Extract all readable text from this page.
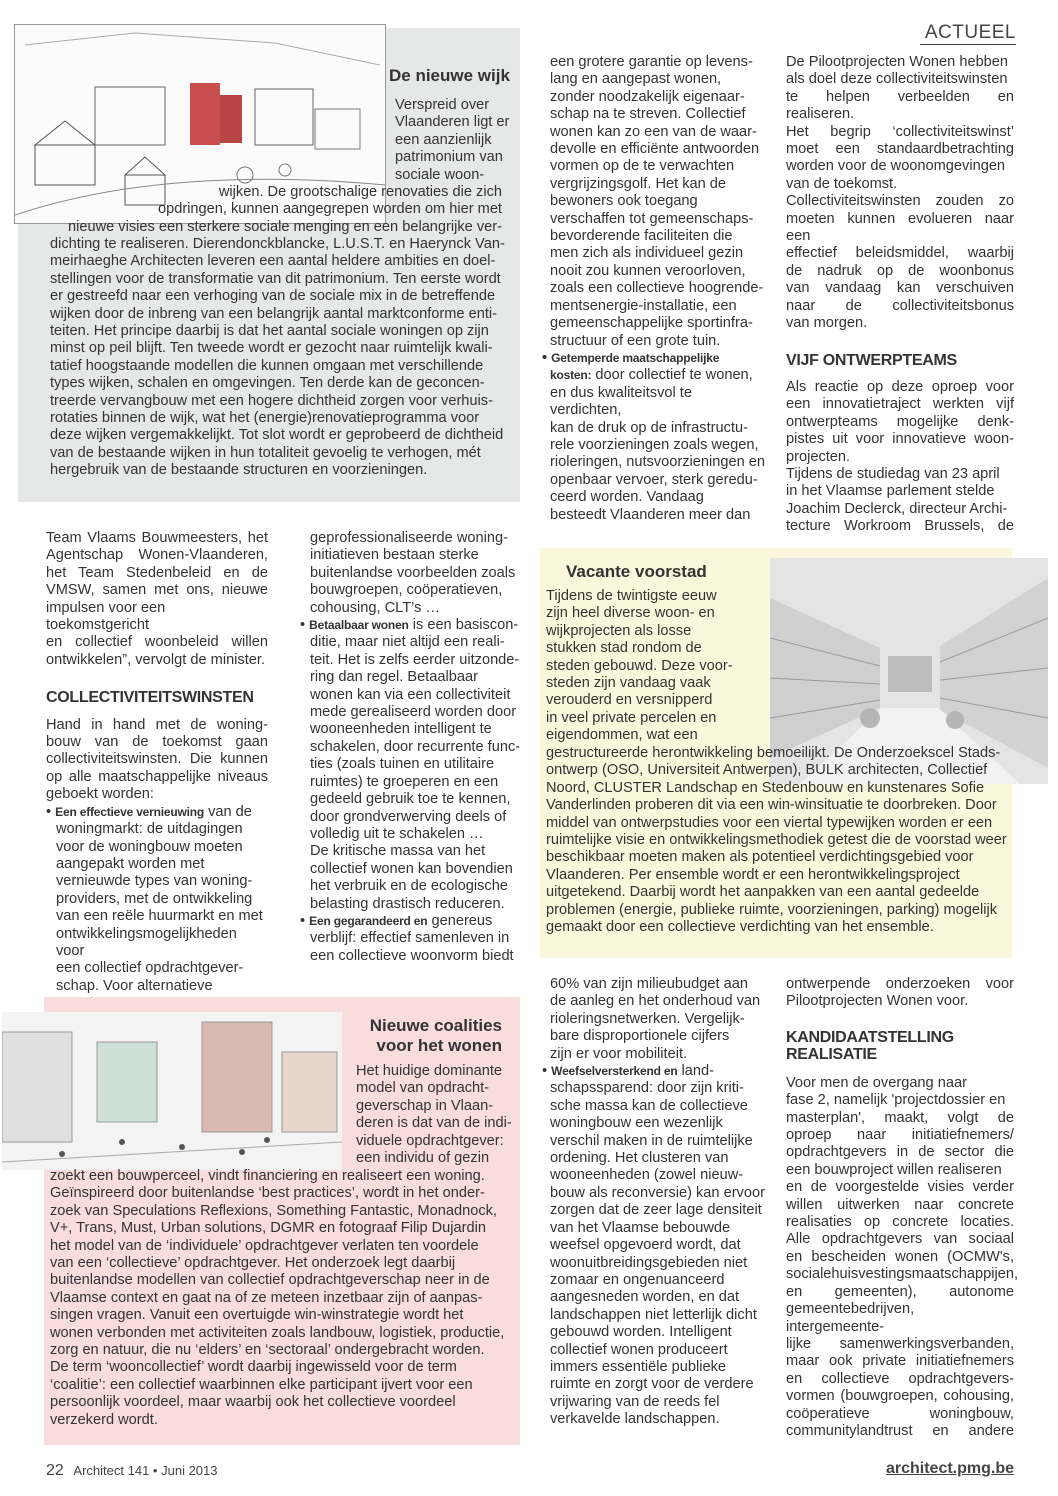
ACTUEEL
De nieuwe wijk

Verspreid over

Vlaanderen ligt er

een aanzienlijk

patrimonium van

sociale woon-

wijken. De grootschalige renovaties die zich

opdringen, kunnen aangegrepen worden om hier met

nieuwe visies een sterkere sociale menging en een belangrijke ver-

dichting te realiseren. Dierendonckblancke, L.U.S.T. en Haerynck Van-

meirhaeghe Architecten leveren een aantal heldere ambities en doel-

stellingen voor de transformatie van dit patrimonium. Ten eerste wordt

er gestreefd naar een verhoging van de sociale mix in de betreffende

wijken door de inbreng van een belangrijk aantal marktconforme enti-

teiten. Het principe daarbij is dat het aantal sociale woningen op zijn

minst op peil blijft. Ten tweede wordt er gezocht naar ruimtelijk kwali-

tatief hoogstaande modellen die kunnen omgaan met verschillende

types wijken, schalen en omgevingen. Ten derde kan de geconcen-

treerde vervangbouw met een hogere dichtheid zorgen voor verhuis-

rotaties binnen de wijk, wat het (energie)renovatieprogramma voor

deze wijken vergemakkelijkt. Tot slot wordt er geprobeerd de dichtheid

van de bestaande wijken in hun totaliteit gevoelig te verhogen, mét

hergebruik van de bestaande structuren en voorzieningen.

een grotere garantie op levens-

lang en aangepast wonen,

zonder noodzakelijk eigenaar-

schap na te streven. Collectief

wonen kan zo een van de waar-

devolle en efficiënte antwoorden

vormen op de te verwachten

vergrijzingsgolf. Het kan de

bewoners ook toegang

verschaffen tot gemeenschaps-

bevorderende faciliteiten die

men zich als individueel gezin

nooit zou kunnen veroorloven,

zoals een collectieve hoogrende-

mentsenergie-installatie, een

gemeenschappelijke sportinfra-

structuur of een grote tuin.

• • Getemperde maatschappelijke

kosten: door collectief te wonen,

en dus kwaliteitsvol te verdichten,

kan de druk op de infrastructu-

rele voorzieningen zoals wegen,

rioleringen, nutsvoorzieningen en

openbaar vervoer, sterk geredu-

ceerd worden. Vandaag

besteedt Vlaanderen meer dan

De Pilootprojecten Wonen hebben

als doel deze collectiviteitswinsten

te helpen verbeelden en realiseren.

Het begrip ‘collectiviteitswinst’

moet een standaardbetrachting

worden voor de woonomgevingen

van de toekomst.

Collectiviteitswinsten zouden zo

moeten kunnen evolueren naar een

effectief beleidsmiddel, waarbij

de nadruk op de woonbonus

van vandaag kan verschuiven

naar de collectiviteitsbonus

van morgen.

VIJF ONTWERPTEAMS

Als reactie op deze oproep voor

een innovatietraject werkten vijf

ontwerpteams mogelijke denk-

pistes uit voor innovatieve woon-

projecten.

Tijdens de studiedag van 23 april

in het Vlaamse parlement stelde

Joachim Declerck, directeur Archi-

tecture Workroom Brussels, de

Team Vlaams Bouwmeesters, het

Agentschap Wonen-Vlaanderen,

het Team Stedenbeleid en de

VMSW, samen met ons, nieuwe

impulsen voor een toekomstgericht

en collectief woonbeleid willen

ontwikkelen”, vervolgt de minister.

COLLECTIVITEITSWINSTEN

Hand in hand met de woning-

bouw van de toekomst gaan

collectiviteitswinsten. Die kunnen

op alle maatschappelijke niveaus

geboekt worden:

• Een effectieve vernieuwing van de

woningmarkt: de uitdagingen

voor de woningbouw moeten

aangepakt worden met

vernieuwde types van woning-

providers, met de ontwikkeling

van een reële huurmarkt en met

ontwikkelingsmogelijkheden voor

een collectief opdrachtgever-

schap. Voor alternatieve

geprofessionaliseerde woning-

initiatieven bestaan sterke

buitenlandse voorbeelden zoals

bouwgroepen, coöperatieven,

cohousing, CLT’s …

• Betaalbaar wonen is een basiscon-

ditie, maar niet altijd een reali-

teit. Het is zelfs eerder uitzonde-

ring dan regel. Betaalbaar

wonen kan via een collectiviteit

mede gerealiseerd worden door

wooneenheden intelligent te

schakelen, door recurrente func-

ties (zoals tuinen en utilitaire

ruimtes) te groeperen en een

gedeeld gebruik toe te kennen,

door grondverwerving deels of

volledig uit te schakelen …

De kritische massa van het

collectief wonen kan bovendien

het verbruik en de ecologische

belasting drastisch reduceren.

• Een gegarandeerd en genereus

verblijf: effectief samenleven in

een collectieve woonvorm biedt

Vacante voorstad

Tijdens de twintigste eeuw

zijn heel diverse woon- en

wijkprojecten als losse

stukken stad rondom de

steden gebouwd. Deze voor-

steden zijn vandaag vaak

verouderd en versnipperd

in veel private percelen en

eigendommen, wat een

gestructureerde herontwikkeling bemoeilijkt. De Onderzoekscel Stads-

ontwerp (OSO, Universiteit Antwerpen), BULK architecten, Collectief

Noord, CLUSTER Landschap en Stedenbouw en kunstenares Sofie

Vanderlinden proberen dit via een win-winsituatie te doorbreken. Door

middel van ontwerpstudies voor een viertal typewijken worden er een

ruimtelijke visie en ontwikkelingsmethodiek getest die de voorstad weer

beschikbaar moeten maken als potentieel verdichtingsgebied voor

Vlaanderen. Per ensemble wordt er een herontwikkelingsproject

uitgetekend. Daarbij wordt het aanpakken van een aantal gedeelde

problemen (energie, publieke ruimte, voorzieningen, parking) mogelijk

gemaakt door een collectieve verdichting van het ensemble.

Nieuwe coalities
voor het wonen

Het huidige dominante

model van opdracht-

geverschap in Vlaan-

deren is dat van de indi-

viduele opdrachtgever:

een individu of gezin

zoekt een bouwperceel, vindt financiering en realiseert een woning.

Geïnspireerd door buitenlandse ‘best practices’, wordt in het onder-

zoek van Speculations Reflexions, Something Fantastic, Monadnock,

V+, Trans, Must, Urban solutions, DGMR en fotograaf Filip Dujardin

het model van de ‘individuele’ opdrachtgever verlaten ten voordele

van een ‘collectieve’ opdrachtgever. Het onderzoek legt daarbij

buitenlandse modellen van collectief opdrachtgeverschap neer in de

Vlaamse context en gaat na of ze meteen inzetbaar zijn of aanpas-

singen vragen. Vanuit een overtuigde win-winstrategie wordt het

wonen verbonden met activiteiten zoals landbouw, logistiek, productie,

zorg en natuur, die nu ‘elders’ en ‘sectoraal’ ondergebracht worden.

De term ‘wooncollectief’ wordt daarbij ingewisseld voor de term

‘coalitie’: een collectief waarbinnen elke participant ijvert voor een

persoonlijk voordeel, maar waarbij ook het collectieve voordeel

verzekerd wordt.

60% van zijn milieubudget aan

de aanleg en het onderhoud van

rioleringsnetwerken. Vergelijk-

bare disproportionele cijfers

zijn er voor mobiliteit.

• Weefselversterkend en land-

schapssparend: door zijn kriti-

sche massa kan de collectieve

woningbouw een wezenlijk

verschil maken in de ruimtelijke

ordening. Het clusteren van

wooneenheden (zowel nieuw-

bouw als reconversie) kan ervoor

zorgen dat de zeer lage densiteit

van het Vlaamse bebouwde

weefsel opgevoerd wordt, dat

woonuitbreidingsgebieden niet

zomaar en ongenuanceerd

aangesneden worden, en dat

landschappen niet letterlijk dicht

gebouwd worden. Intelligent

collectief wonen produceert

immers essentiële publieke

ruimte en zorgt voor de verdere

vrijwaring van de reeds fel

verkavelde landschappen.

ontwerpende onderzoeken voor

Pilootprojecten Wonen voor.

KANDIDAATSTELLING
REALISATIE

Voor men de overgang naar

fase 2, namelijk 'projectdossier en

masterplan', maakt, volgt de

oproep naar initiatiefnemers/

opdrachtgevers in de sector die

een bouwproject willen realiseren

en de voorgestelde visies verder

willen uitwerken naar concrete

realisaties op concrete locaties.

Alle opdrachtgevers van sociaal

en bescheiden wonen (OCMW's,

socialehuisvestingsmaatschappijen,

en gemeenten), autonome

gemeentebedrijven, intergemeente-

lijke samenwerkingsverbanden,

maar ook private initiatiefnemers

en collectieve opdrachtgevers-

vormen (bouwgroepen, cohousing,

coöperatieve woningbouw,

communitylandtrust en andere

22 Architect 141 • Juni 2013	architect.pmg.be
